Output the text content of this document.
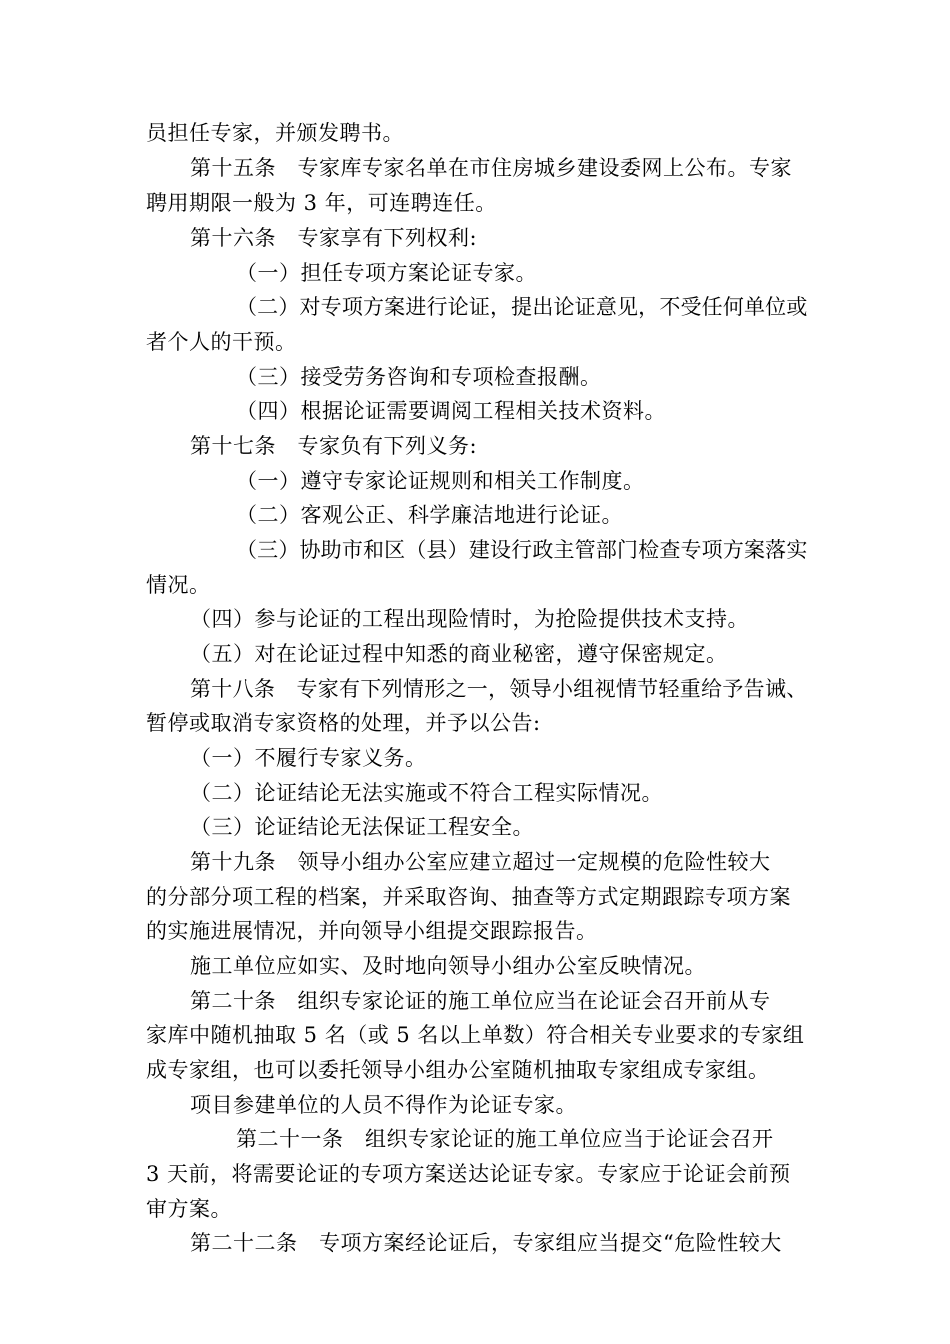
员担任专家，并颁发聘书。
第十五条　专家库专家名单在市住房城乡建设委网上公布。专家
聘用期限一般为 3 年，可连聘连任。
第十六条　专家享有下列权利:
（一）担任专项方案论证专家。
（二）对专项方案进行论证，提出论证意见，不受任何单位或
者个人的干预。
（三）接受劳务咨询和专项检查报酬。
（四）根据论证需要调阅工程相关技术资料。
第十七条　专家负有下列义务:
（一）遵守专家论证规则和相关工作制度。
（二）客观公正、科学廉洁地进行论证。
（三）协助市和区（县）建设行政主管部门检查专项方案落实
情况。
（四）参与论证的工程出现险情时，为抢险提供技术支持。
（五）对在论证过程中知悉的商业秘密，遵守保密规定。
第十八条　专家有下列情形之一，领导小组视情节轻重给予告诫、
暂停或取消专家资格的处理，并予以公告:
（一）不履行专家义务。
（二）论证结论无法实施或不符合工程实际情况。
（三）论证结论无法保证工程安全。
第十九条　领导小组办公室应建立超过一定规模的危险性较大
的分部分项工程的档案，并采取咨询、抽查等方式定期跟踪专项方案
的实施进展情况，并向领导小组提交跟踪报告。
施工单位应如实、及时地向领导小组办公室反映情况。
第二十条　组织专家论证的施工单位应当在论证会召开前从专
家库中随机抽取 5 名（或 5 名以上单数）符合相关专业要求的专家组
成专家组，也可以委托领导小组办公室随机抽取专家组成专家组。
项目参建单位的人员不得作为论证专家。
第二十一条　组织专家论证的施工单位应当于论证会召开
3 天前，将需要论证的专项方案送达论证专家。专家应于论证会前预
审方案。
第二十二条　专项方案经论证后，专家组应当提交“危险性较大
